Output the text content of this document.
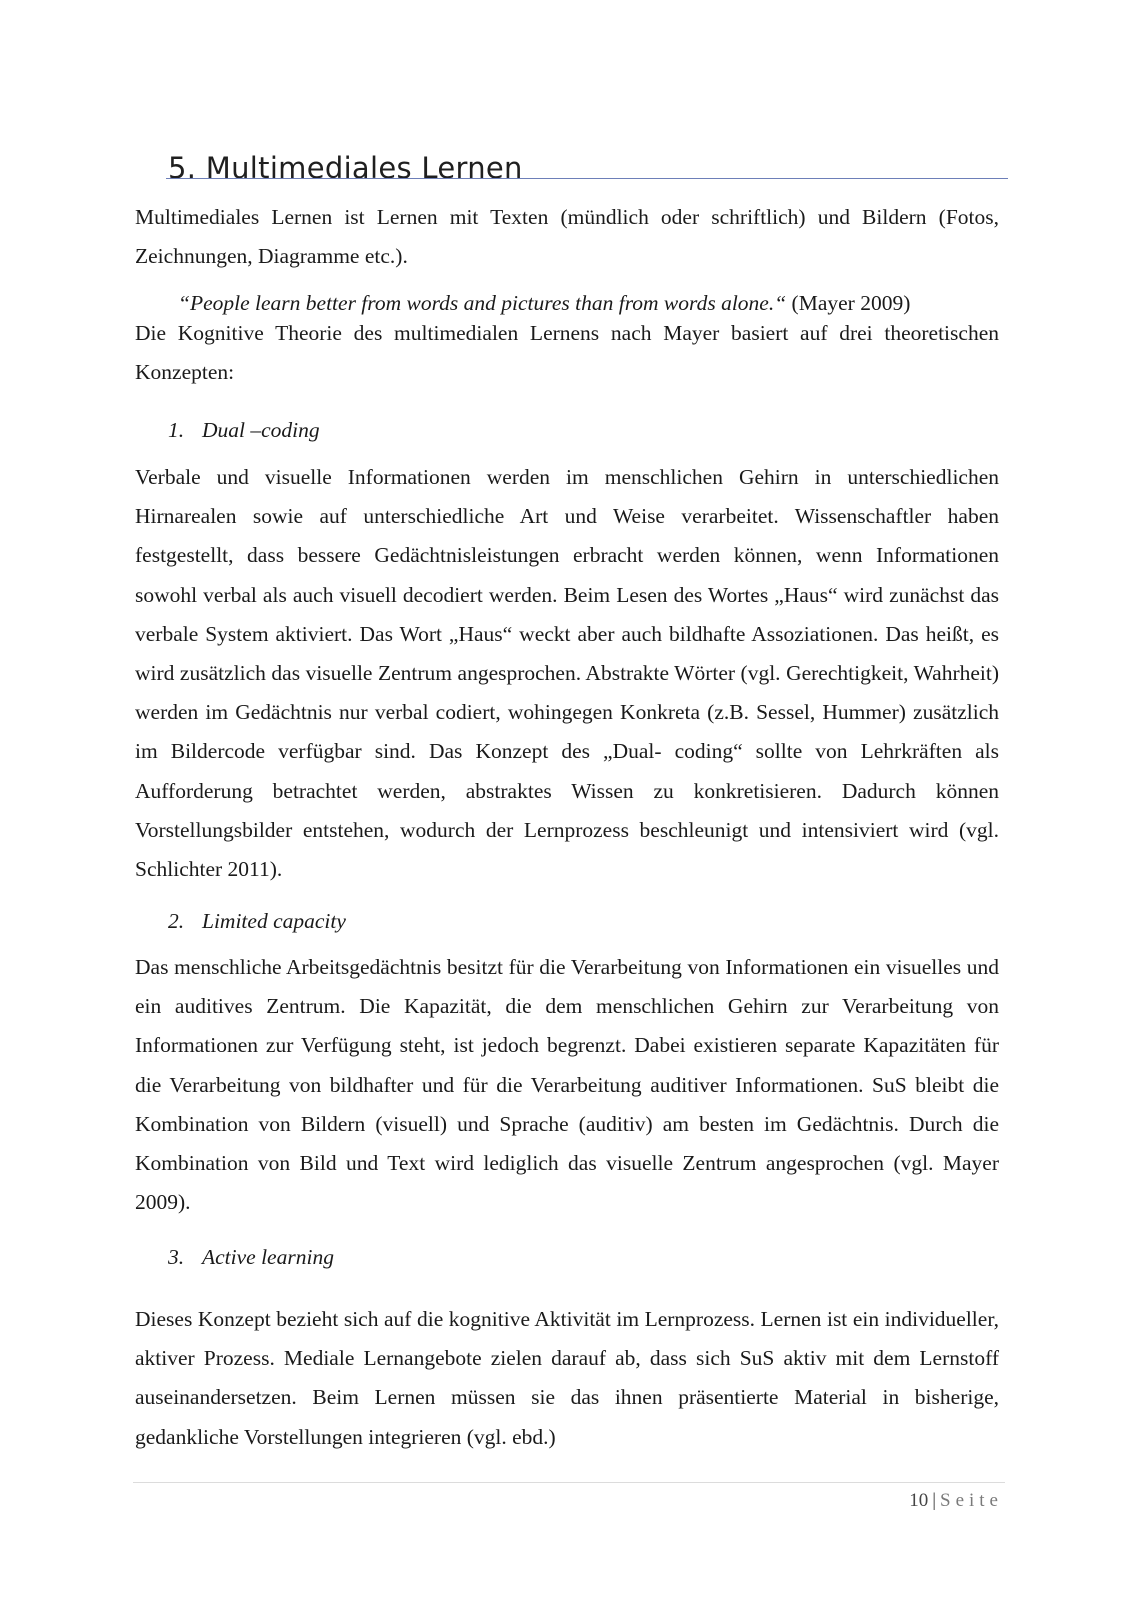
5. Multimediales Lernen

Multimediales Lernen ist Lernen mit Texten (mündlich oder schriftlich) und Bildern (Fotos, Zeichnungen, Diagramme etc.).

“People learn better from words and pictures than from words alone.“ (Mayer 2009)

Die Kognitive Theorie des multimedialen Lernens nach Mayer basiert auf drei theoretischen Konzepten:

1. Dual –coding

Verbale und visuelle Informationen werden im menschlichen Gehirn in unterschiedlichen Hirnarealen sowie auf unterschiedliche Art und Weise verarbeitet. Wissenschaftler haben festgestellt, dass bessere Gedächtnisleistungen erbracht werden können, wenn Informationen sowohl verbal als auch visuell decodiert werden. Beim Lesen des Wortes „Haus“ wird zunächst das verbale System aktiviert. Das Wort „Haus“ weckt aber auch bildhafte Assoziationen. Das heißt, es wird zusätzlich das visuelle Zentrum angesprochen. Abstrakte Wörter (vgl. Gerechtigkeit, Wahrheit) werden im Gedächtnis nur verbal codiert, wohingegen Konkreta (z.B. Sessel, Hummer) zusätzlich im Bildercode verfügbar sind. Das Konzept des „Dual- coding“ sollte von Lehrkräften als Aufforderung betrachtet werden, abstraktes Wissen zu konkretisieren. Dadurch können Vorstellungsbilder entstehen, wodurch der Lernprozess beschleunigt und intensiviert wird (vgl. Schlichter 2011).

2. Limited capacity

Das menschliche Arbeitsgedächtnis besitzt für die Verarbeitung von Informationen ein visuelles und ein auditives Zentrum. Die Kapazität, die dem menschlichen Gehirn zur Verarbeitung von Informationen zur Verfügung steht, ist jedoch begrenzt. Dabei existieren separate Kapazitäten für die Verarbeitung von bildhafter und für die Verarbeitung auditiver Informationen. SuS bleibt die Kombination von Bildern (visuell) und Sprache (auditiv) am besten im Gedächtnis. Durch die Kombination von Bild und Text wird lediglich das visuelle Zentrum angesprochen (vgl. Mayer 2009).

3. Active learning

Dieses Konzept bezieht sich auf die kognitive Aktivität im Lernprozess. Lernen ist ein individueller, aktiver Prozess. Mediale Lernangebote zielen darauf ab, dass sich SuS aktiv mit dem Lernstoff auseinandersetzen. Beim Lernen müssen sie das ihnen präsentierte Material in bisherige, gedankliche Vorstellungen integrieren (vgl. ebd.)

10 | Seite
